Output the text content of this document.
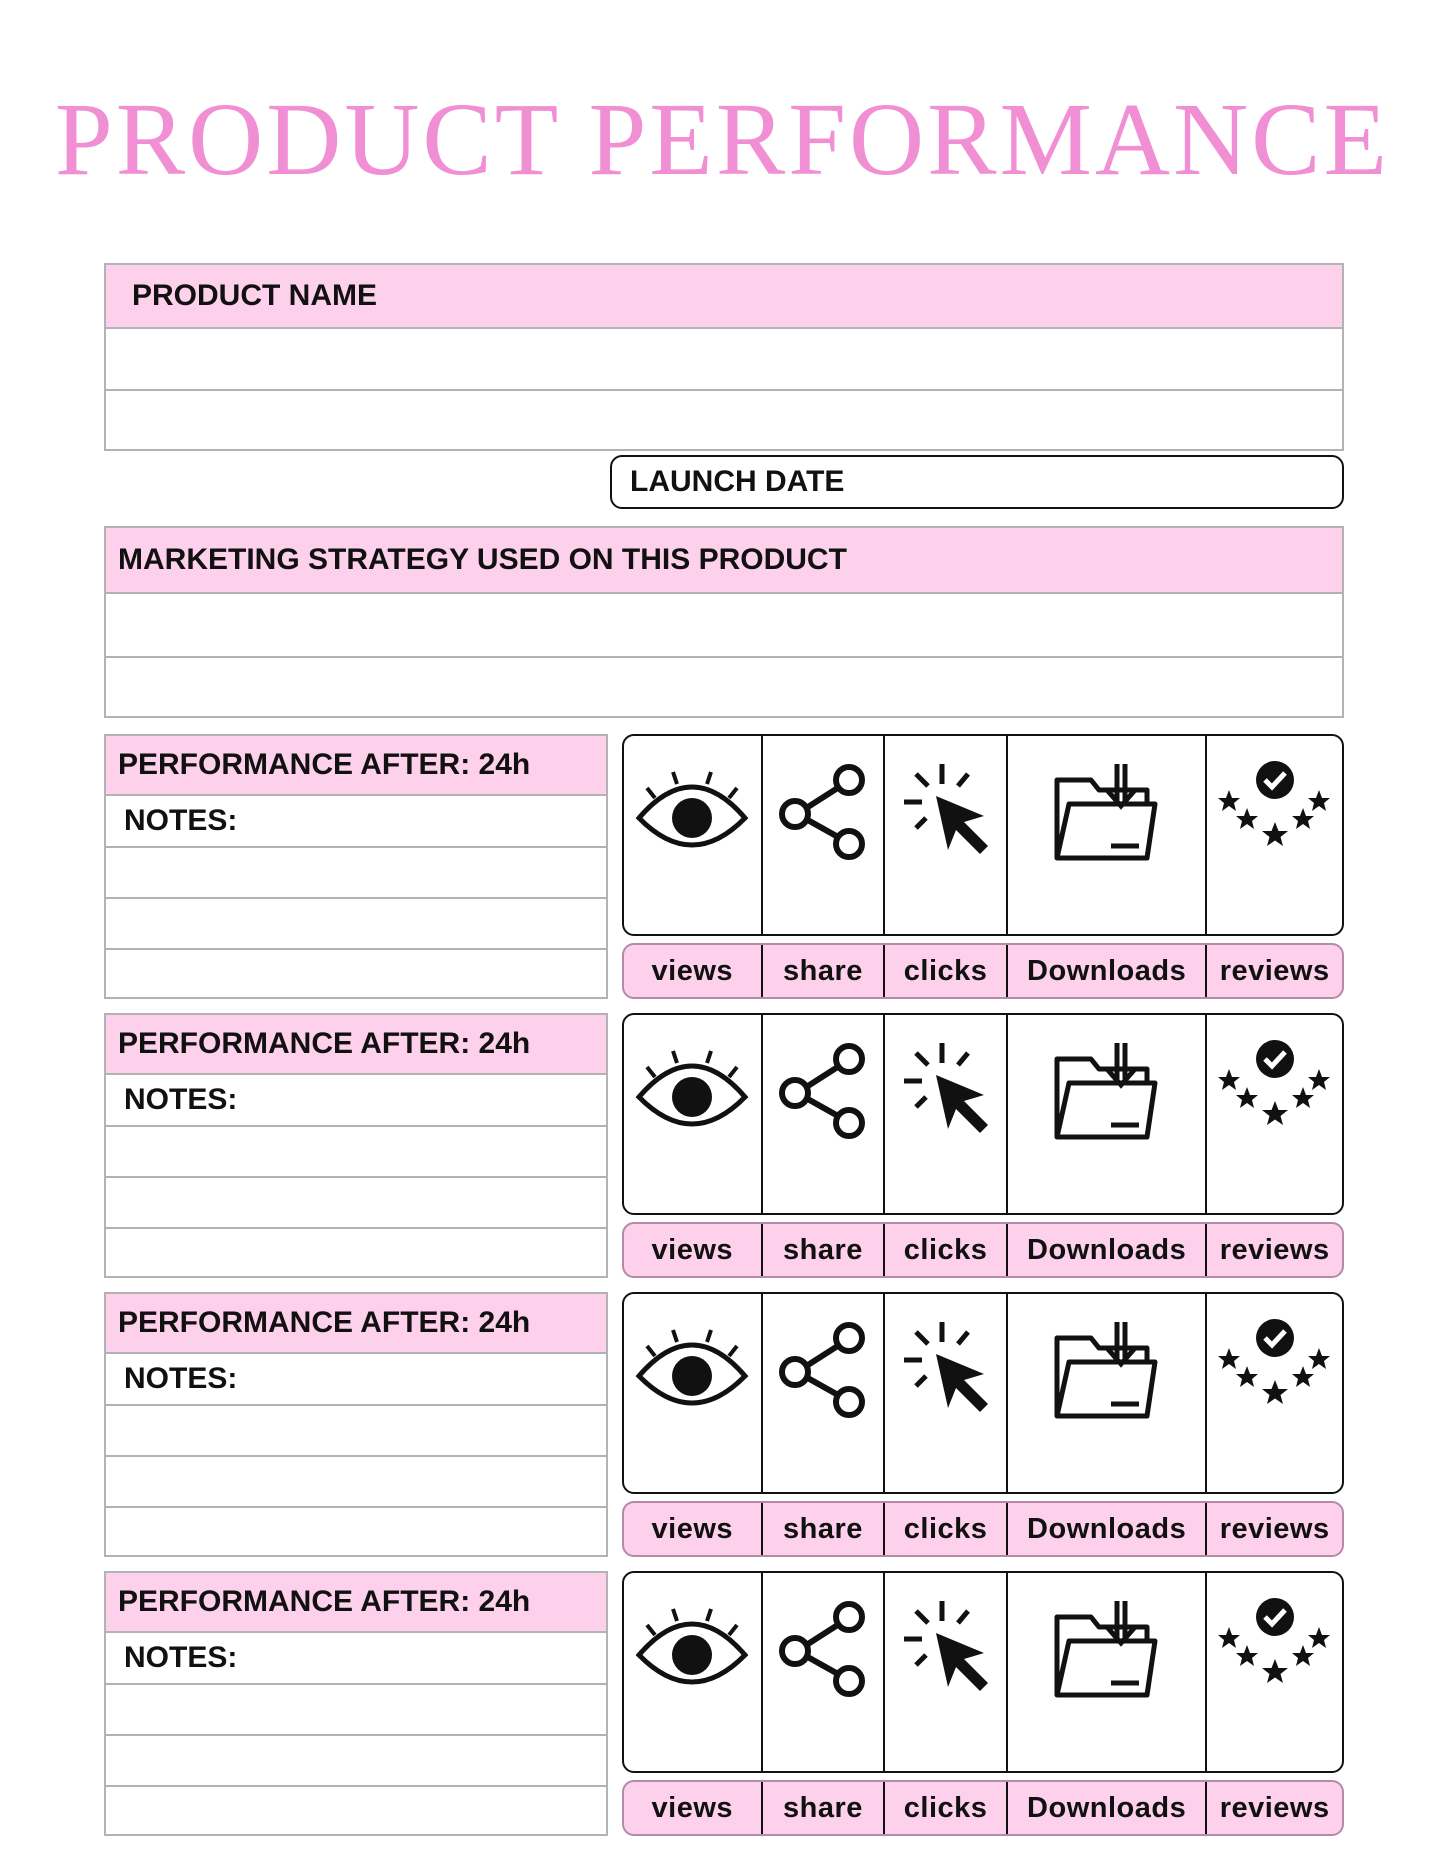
PRODUCT PERFORMANCE
PRODUCT NAME
LAUNCH DATE
MARKETING STRATEGY USED ON THIS PRODUCT
PERFORMANCE AFTER: 24h
NOTES:
views	share	clicks	Downloads	reviews
PERFORMANCE AFTER: 24h
NOTES:
views	share	clicks	Downloads	reviews
PERFORMANCE AFTER: 24h
NOTES:
views	share	clicks	Downloads	reviews
PERFORMANCE AFTER: 24h
NOTES:
views	share	clicks	Downloads	reviews
